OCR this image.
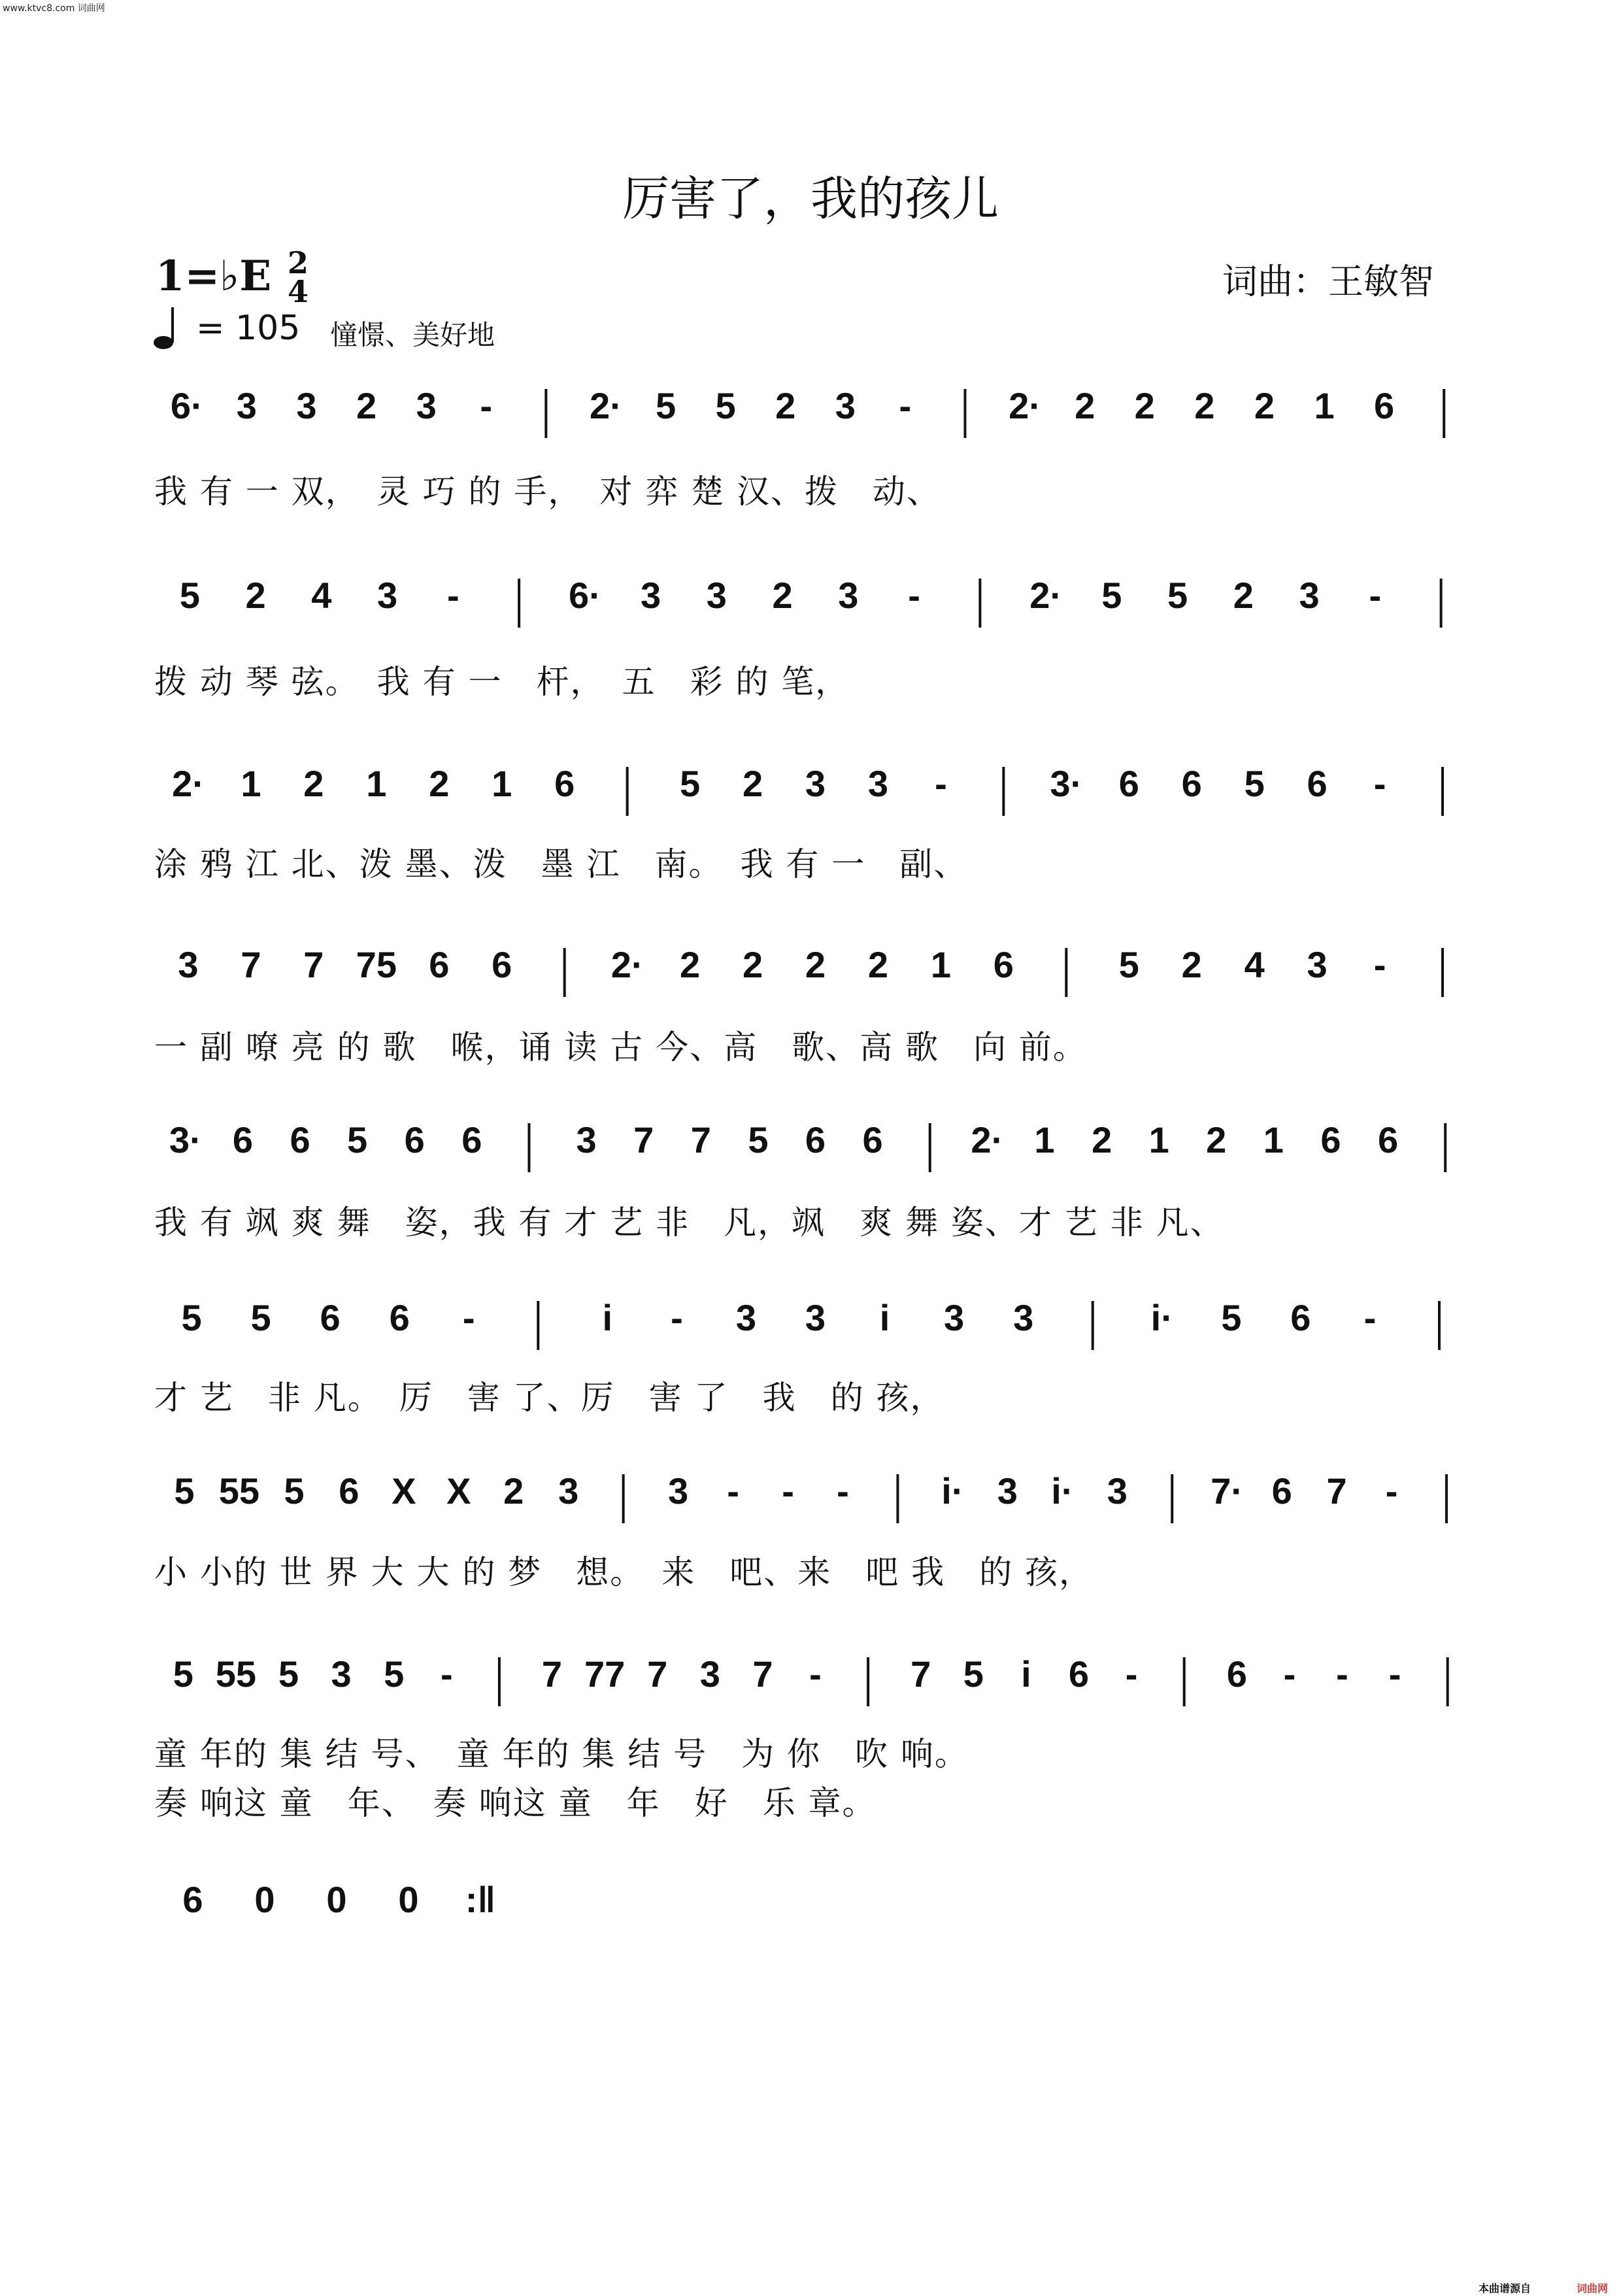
www.ktvc8.com 词曲网
厉害了，我的孩儿
1=♭E 2
4
= 105 憧憬、美好地
词曲：王敏智
6· 3 3 2 3 -	2· 5 5 2 3 -	2· 2 2 2 2 1 6
5 2 4 3 -	6· 3 3 2 3 -	2· 5 5 2 3 -
2· 1 2 1 2 1 6	5 2 3 3 -	3· 6 6 5 6 -
3 7 7 75 6 6	2· 2 2 2 2 1 6	5 2 4 3 -
3· 6 6 5 6 6	3 7 7 5 6 6 2· 1 2 1 2 1 6 6
5 5 6 6 -	i - 3 3 i 3 3	i· 5 6 -
5 55 5 6 X X 2 3 3 - - -	i· 3 i· 3 7· 6 7 -
5 55 5 3 5 - 7 77 7 3 7 - 7 5 i 6 - 6 - - -
6 0 0 0 :‖
我 有 一 双，　灵 巧 的 手，　对 弈 楚 汉、拨　动、
拨 动 琴 弦。　我 有 一　杆，　五　彩 的 笔，
涂 鸦 江 北、泼 墨、泼　墨 江　南。　我 有 一　副、
一 副 嘹 亮 的 歌　喉，诵 读 古 今、高　歌、高 歌　向 前。
我 有 飒 爽 舞　姿，我 有 才 艺 非　凡，飒　爽 舞 姿、才 艺 非 凡、
才 艺　非 凡。　厉　害 了、厉　害 了　我　的 孩，
小 小的 世 界 大 大 的 梦　想。　来　吧、来　吧 我　的 孩，
童 年的 集 结 号、　童 年的 集 结 号　为 你　吹 响。
奏 响这 童　年、　奏 响这 童　年　好　乐 章。
本曲谱源自	词曲网
